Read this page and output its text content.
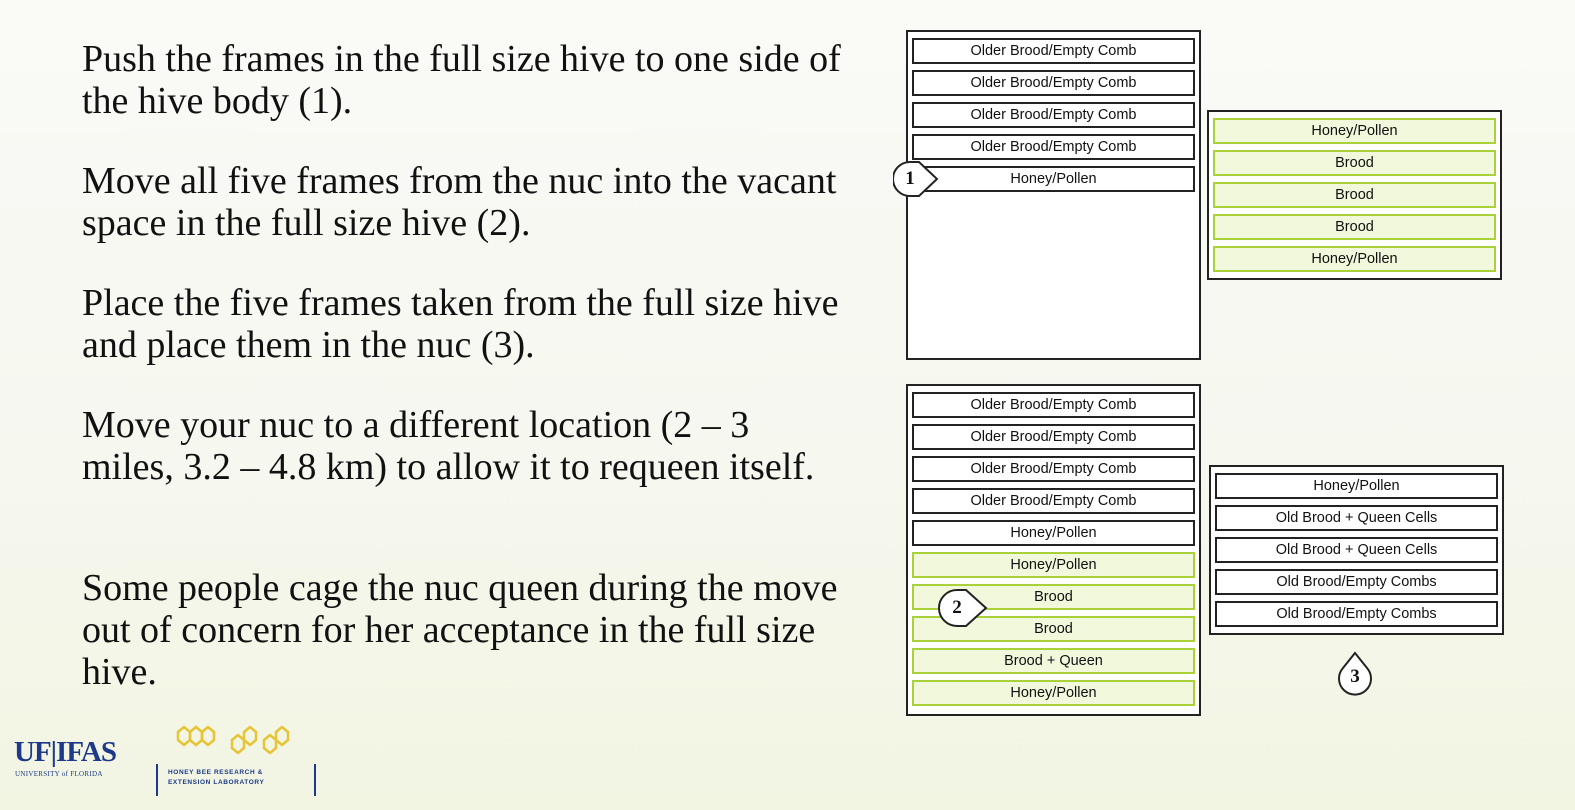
Push the frames in the full size hive to one side of the hive body (1).
Move all five frames from the nuc into the vacant space in the full size hive (2).
Place the five frames taken from the full size hive and place them in the nuc (3).
Move your nuc to a different location (2 – 3 miles, 3.2 – 4.8 km) to allow it to requeen itself.
Some people cage the nuc queen during the move out of concern for her acceptance in the full size hive.
Older Brood/Empty Comb
Older Brood/Empty Comb
Older Brood/Empty Comb
Older Brood/Empty Comb
Honey/Pollen
Honey/Pollen
Brood
Brood
Brood
Honey/Pollen
Older Brood/Empty Comb
Older Brood/Empty Comb
Older Brood/Empty Comb
Older Brood/Empty Comb
Honey/Pollen
Honey/Pollen
Brood
Brood
Brood + Queen
Honey/Pollen
Honey/Pollen
Old Brood + Queen Cells
Old Brood + Queen Cells
Old Brood/Empty Combs
Old Brood/Empty Combs
1
2
3
UF|IFAS
UNIVERSITY of FLORIDA	HONEY BEE RESEARCH &
EXTENSION LABORATORY
